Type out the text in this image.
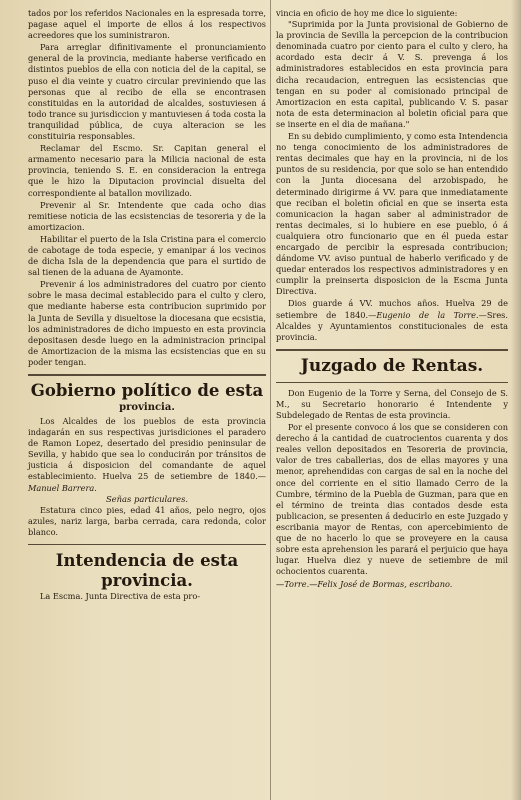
tados por los referidos Nacionales en la espresada torre, pagase aquel el importe de ellos á los respectivos acreedores que los suministraron.

Para arreglar difinitivamente el pronunciamiento general de la provincia, mediante haberse verificado en distintos pueblos de ella con noticia del de la capital, se puso el dia veinte y cuatro circular previniendo que las personas que al recibo de ella se encontrasen constituidas en la autoridad de alcaldes, sostuviesen á todo trance su jurisdiccion y mantuviesen á toda costa la tranquilidad pública, de cuya alteracion se les constituiria responsables.

Reclamar del Escmo. Sr. Capitan general el armamento necesario para la Milicia nacional de esta provincia, teniendo S. E. en consideracion la entrega que le hizo la Diputacion provincial disuelta del correspondiente al batallon movilizado.

Prevenir al Sr. Intendente que cada ocho dias remitiese noticia de las ecsistencias de tesoreria y de la amortizacion.

Habilitar el puerto de la Isla Cristina para el comercio de cabotage de toda especie, y emanipar á los vecinos de dicha Isla de la dependencia que para el surtido de sal tienen de la aduana de Ayamonte.

Prevenir á los administradores del cuatro por ciento sobre le masa decimal establecido para el culto y clero, que mediante haberse esta contribucion suprimido por la Junta de Sevilla y disueltose la diocesana que ecsistia, los administradores de dicho impuesto en esta provincia depositasen desde luego en la administracion principal de Amortizacion de la misma las ecsistencias que en su poder tengan.

Gobierno político de esta
provincia.

Los Alcaldes de los pueblos de esta provincia indagarán en sus respectivas jurisdiciones el paradero de Ramon Lopez, desertado del presidio peninsular de Sevilla, y habido que sea lo conducirán por tránsitos de justicia á disposicion del comandante de aquel establecimiento. Huelva 25 de setiembre de 1840.—Manuel Barrera.

Señas particulares.

Estatura cinco pies, edad 41 años, pelo negro, ojos azules, nariz larga, barba cerrada, cara redonda, color blanco.

Intendencia de esta provincia.

La Escma. Junta Directiva de esta pro-

vincia en oficio de hoy me dice lo siguiente:

"Suprimida por la Junta provisional de Gobierno de la provincia de Sevilla la percepcion de la contribucion denominada cuatro por ciento para el culto y clero, ha acordado esta decir á V. S. prevenga á los administradores establecidos en esta provincia para dicha recaudacion, entreguen las ecsistencias que tengan en su poder al comisionado principal de Amortizacion en esta capital, publicando V. S. pasar nota de esta determinacion al boletin oficial para que se inserte en el dia de mañana."

En su debido cumplimiento, y como esta Intendencia no tenga conocimiento de los administradores de rentas decimales que hay en la provincia, ni de los puntos de su residencia, por que solo se han entendido con la Junta diocesana del arzobispado, he determinado dirigirme á VV. para que inmediatamente que reciban el boletin oficial en que se inserta esta comunicacion la hagan saber al administrador de rentas decimales, si lo hubiere en ese pueblo, ó á cualquiera otro funcionario que en él pueda estar encargado de percibir la espresada contribucion; dándome VV. aviso puntual de haberlo verificado y de quedar enterados los respectivos administradores y en cumplir la preinserta disposicion de la Escma Junta Directiva.

Dios guarde á VV. muchos años. Huelva 29 de setiembre de 1840.—Eugenio de la Torre.—Sres. Alcaldes y Ayuntamientos constitucionales de esta provincia.

Juzgado de Rentas.

Don Eugenio de la Torre y Serna, del Consejo de S. M., su Secretario honorario é Intendente y Subdelegado de Rentas de esta provincia.

Por el presente convoco á los que se consideren con derecho á la cantidad de cuatrocientos cuarenta y dos reales vellon depositados en Tesoreria de provincia, valor de tres caballerias, dos de ellas mayores y una menor, aprehendidas con cargas de sal en la noche del once del corriente en el sitio llamado Cerro de la Cumbre, término de la Puebla de Guzman, para que en el término de treinta dias contados desde esta publicacion, se presenten á deducirlo en este Juzgado y escribania mayor de Rentas, con apercebimiento de que de no hacerlo lo que se proveyere en la causa sobre esta aprehension les parará el perjuicio que haya lugar. Huelva diez y nueve de setiembre de mil ochocientos cuarenta.

—Torre.—Felix José de Bormas, escribano.
